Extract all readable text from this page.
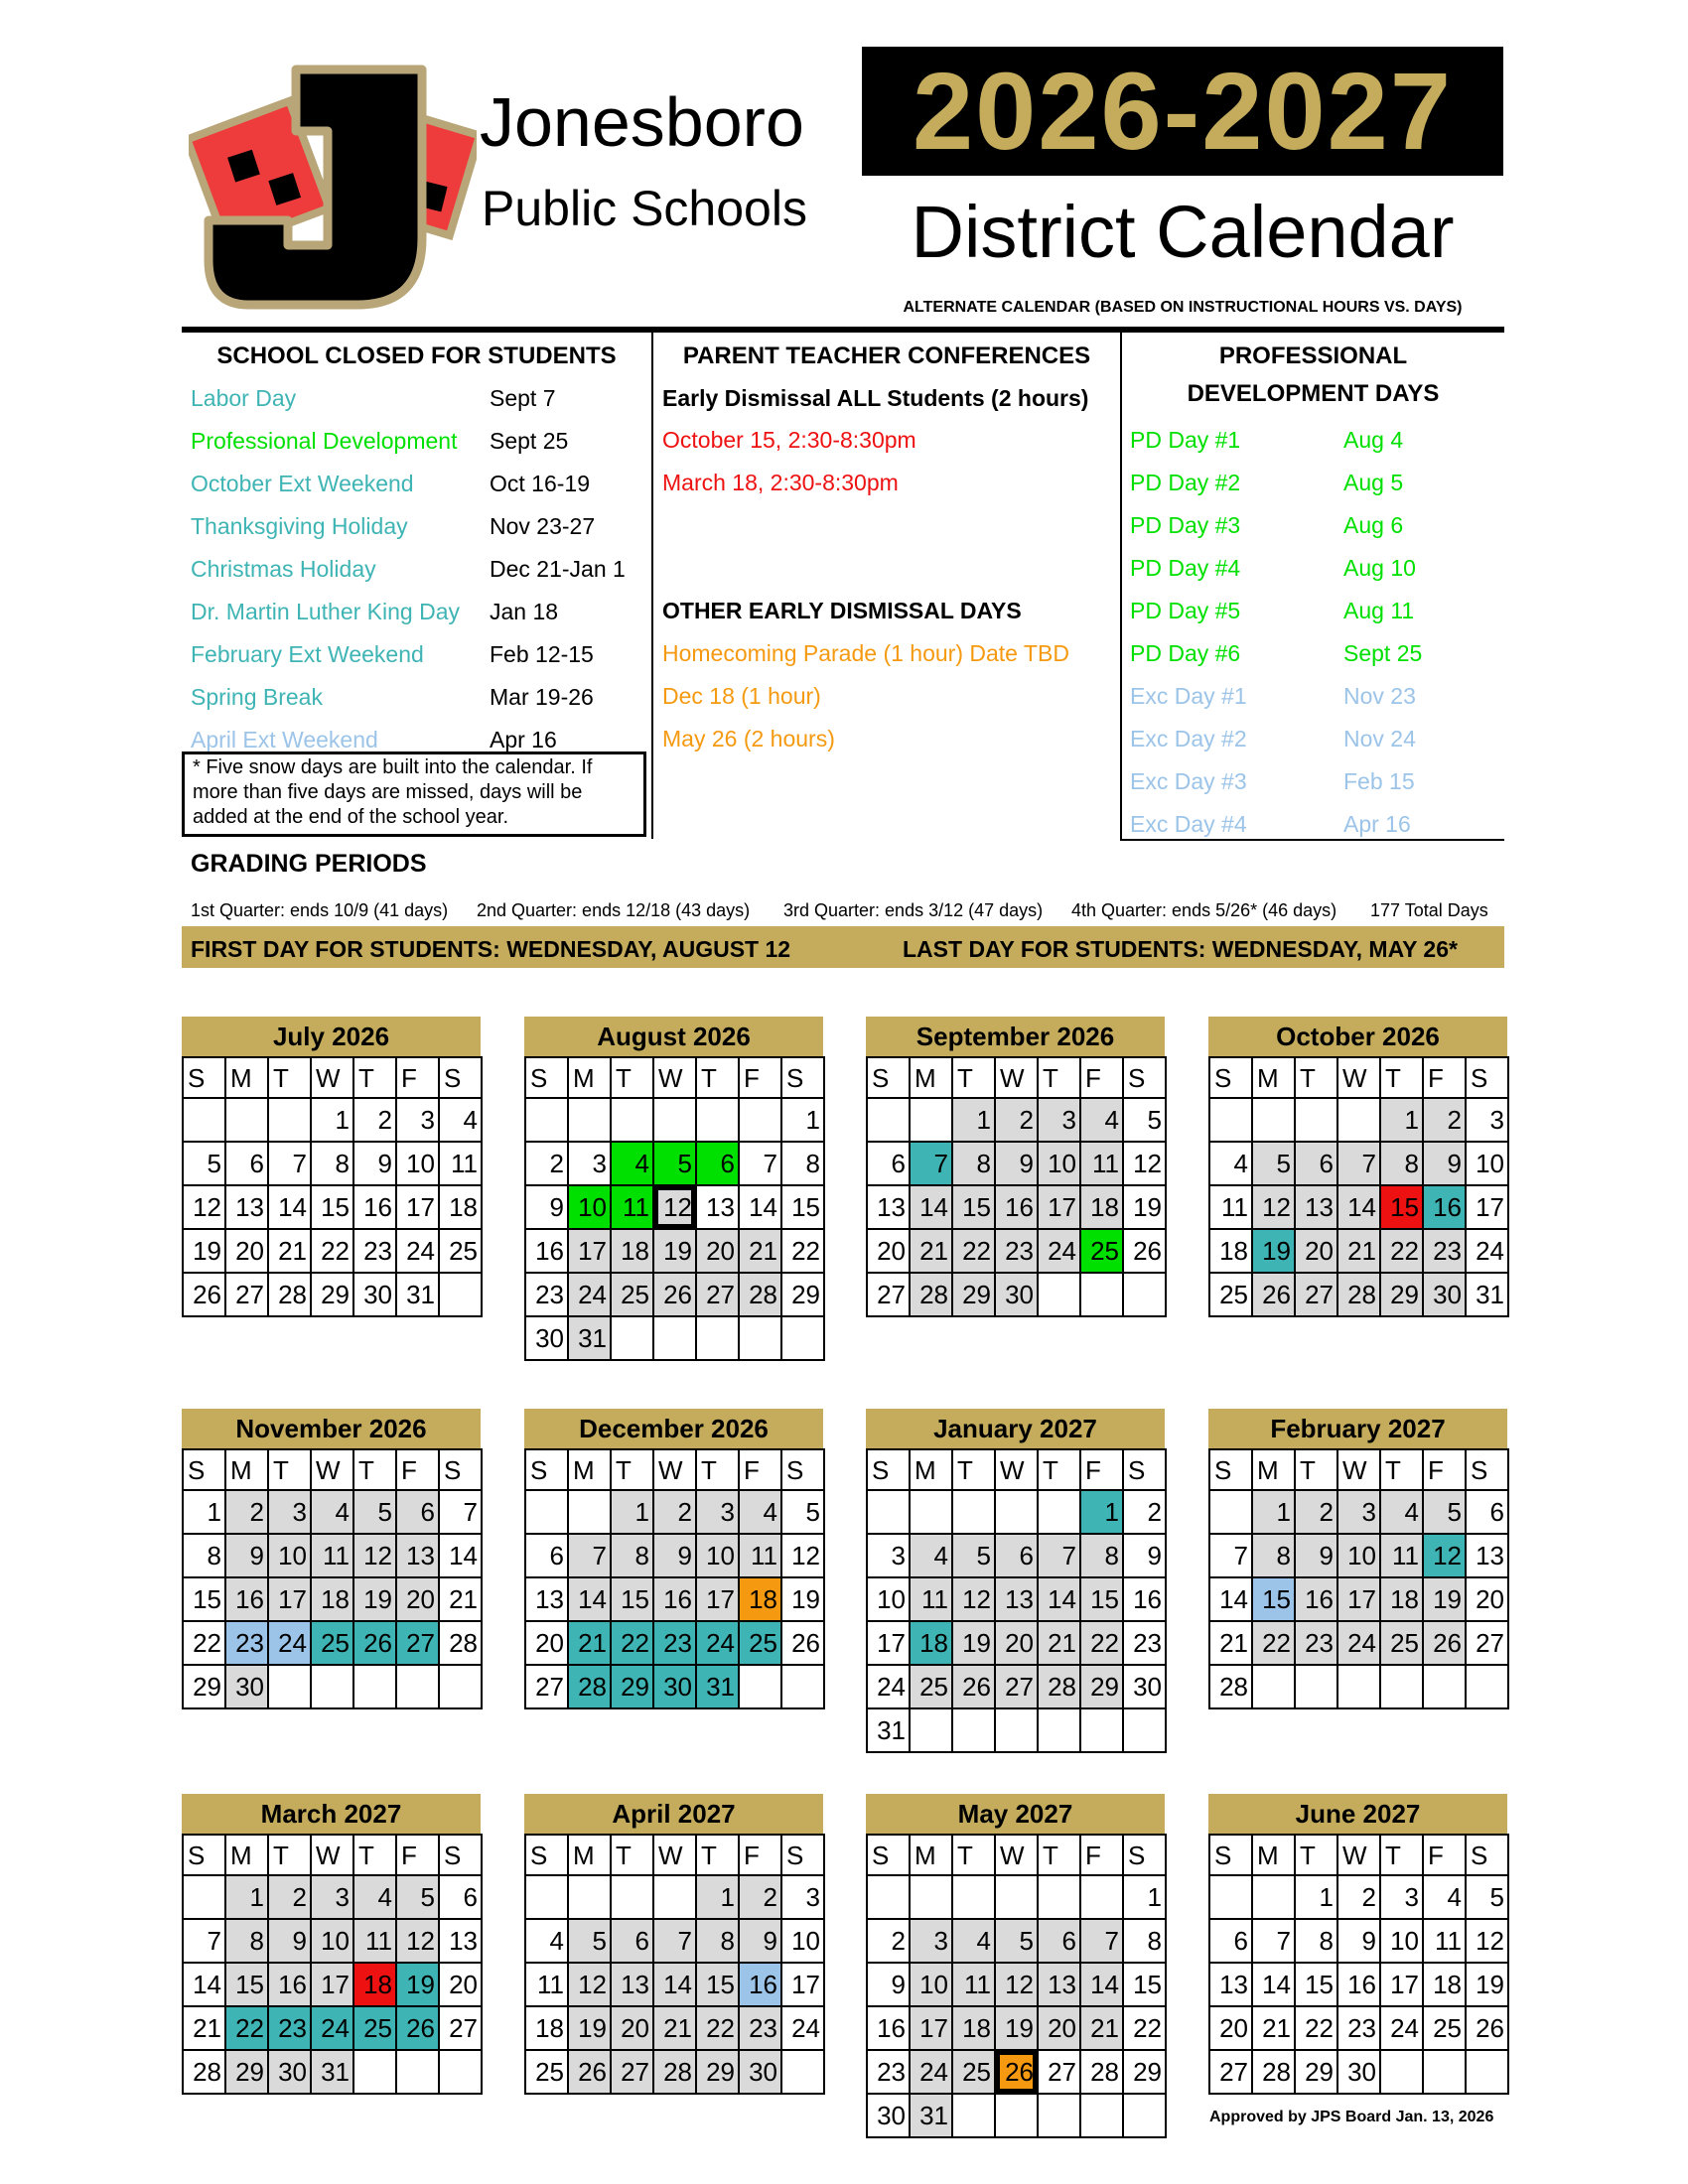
Jonesboro
Public Schools
2026-2027
District Calendar
ALTERNATE CALENDAR (BASED ON INSTRUCTIONAL HOURS VS. DAYS)
SCHOOL CLOSED FOR STUDENTS
Labor Day	Sept 7
Professional Development Sept 25
October Ext Weekend	Oct 16-19
Thanksgiving Holiday	Nov 23-27
Christmas Holiday	Dec 21-Jan 1
Dr. Martin Luther King Day Jan 18
February Ext Weekend	Feb 12-15
Spring Break	Mar 19-26
April Ext Weekend	Apr 16
* Five snow days are built into the calendar. If more than five days are missed, days will be added at the end of the school year.
PARENT TEACHER CONFERENCES
Early Dismissal ALL Students (2 hours)
October 15, 2:30-8:30pm
March 18, 2:30-8:30pm
OTHER EARLY DISMISSAL DAYS
Homecoming Parade (1 hour) Date TBD
Dec 18 (1 hour)
May 26 (2 hours)
PROFESSIONAL
DEVELOPMENT DAYS
PD Day #1	Aug 4
PD Day #2	Aug 5
PD Day #3	Aug 6
PD Day #4	Aug 10
PD Day #5	Aug 11
PD Day #6	Sept 25
Exc Day #1	Nov 23
Exc Day #2	Nov 24
Exc Day #3	Feb 15
Exc Day #4	Apr 16
GRADING PERIODS
1st Quarter: ends 10/9 (41 days) 2nd Quarter: ends 12/18 (43 days) 3rd Quarter: ends 3/12 (47 days) 4th Quarter: ends 5/26* (46 days) 177 Total Days
FIRST DAY FOR STUDENTS: WEDNESDAY, AUGUST 12	LAST DAY FOR STUDENTS: WEDNESDAY, MAY 26*
July 2026
S	M	T	W	T	F	S
			1	2	3	4
5	6	7	8	9	10	11
12	13	14	15	16	17	18
19	20	21	22	23	24	25
26	27	28	29	30	31	
August 2026
S	M	T	W	T	F	S
						1
2	3	4	5	6	7	8
9	10	11	12	13	14	15
16	17	18	19	20	21	22
23	24	25	26	27	28	29
30	31					
September 2026
S	M	T	W	T	F	S
		1	2	3	4	5
6	7	8	9	10	11	12
13	14	15	16	17	18	19
20	21	22	23	24	25	26
27	28	29	30			
October 2026
S	M	T	W	T	F	S
				1	2	3
4	5	6	7	8	9	10
11	12	13	14	15	16	17
18	19	20	21	22	23	24
25	26	27	28	29	30	31
November 2026
S	M	T	W	T	F	S
1	2	3	4	5	6	7
8	9	10	11	12	13	14
15	16	17	18	19	20	21
22	23	24	25	26	27	28
29	30					
December 2026
S	M	T	W	T	F	S
		1	2	3	4	5
6	7	8	9	10	11	12
13	14	15	16	17	18	19
20	21	22	23	24	25	26
27	28	29	30	31		
January 2027
S	M	T	W	T	F	S
					1	2
3	4	5	6	7	8	9
10	11	12	13	14	15	16
17	18	19	20	21	22	23
24	25	26	27	28	29	30
31						
February 2027
S	M	T	W	T	F	S
	1	2	3	4	5	6
7	8	9	10	11	12	13
14	15	16	17	18	19	20
21	22	23	24	25	26	27
28						
March 2027
S	M	T	W	T	F	S
	1	2	3	4	5	6
7	8	9	10	11	12	13
14	15	16	17	18	19	20
21	22	23	24	25	26	27
28	29	30	31			
April 2027
S	M	T	W	T	F	S
				1	2	3
4	5	6	7	8	9	10
11	12	13	14	15	16	17
18	19	20	21	22	23	24
25	26	27	28	29	30	
May 2027
S	M	T	W	T	F	S
						1
2	3	4	5	6	7	8
9	10	11	12	13	14	15
16	17	18	19	20	21	22
23	24	25	26	27	28	29
30	31					
June 2027
S	M	T	W	T	F	S
		1	2	3	4	5
6	7	8	9	10	11	12
13	14	15	16	17	18	19
20	21	22	23	24	25	26
27	28	29	30			
Approved by JPS Board Jan. 13, 2026
